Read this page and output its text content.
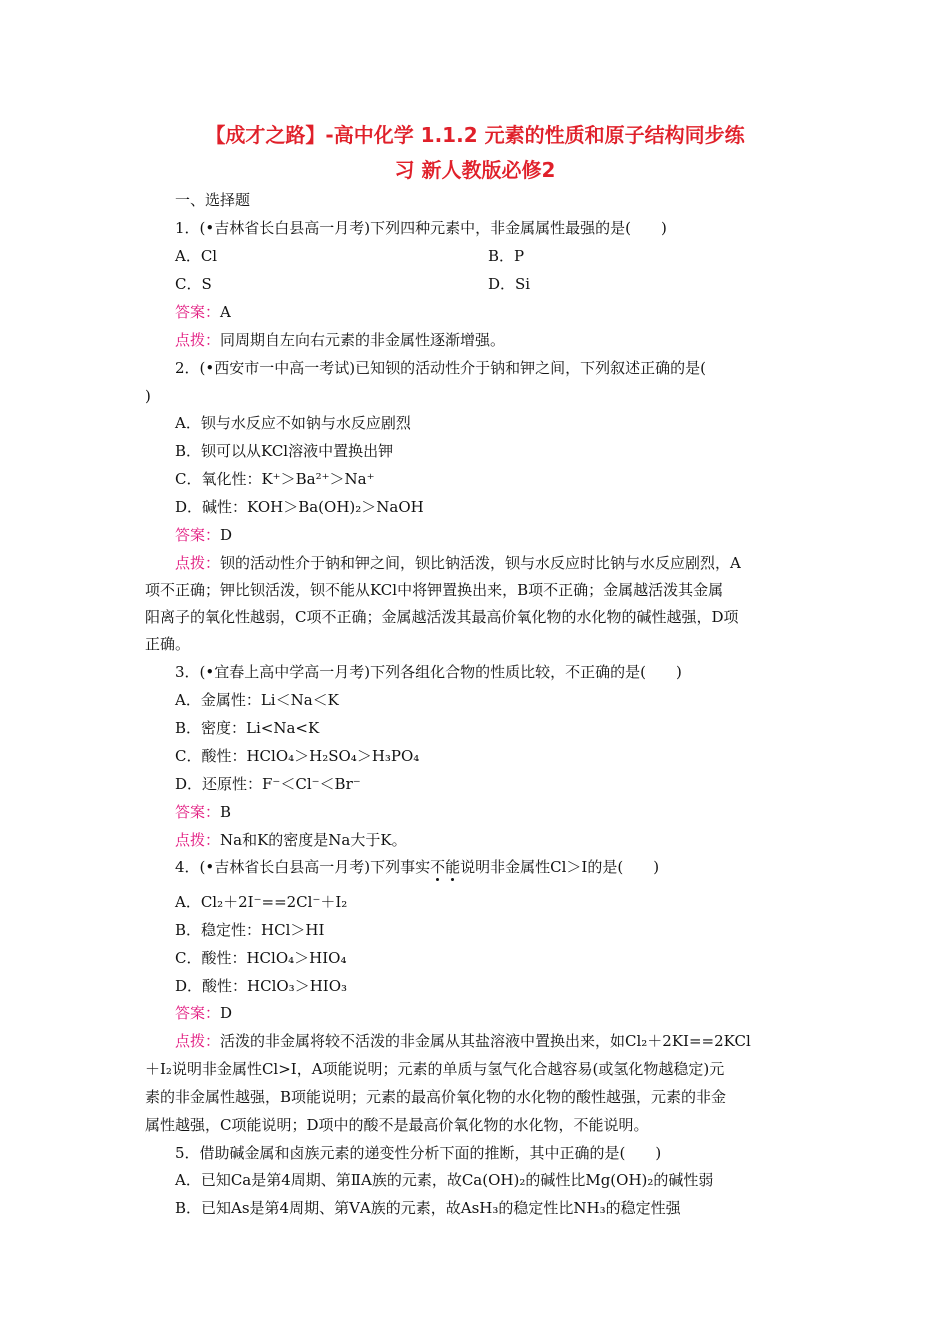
【成才之路】-高中化学 1.1.2 元素的性质和原子结构同步练
习 新人教版必修2
一、选择题
1．(•吉林省长白县高一月考)下列四种元素中，非金属属性最强的是(　　)
A．Cl	B．P
C．S	D．Si
答案：A
点拨：同周期自左向右元素的非金属性逐渐增强。
2．(•西安市一中高一考试)已知钡的活动性介于钠和钾之间，下列叙述正确的是(
)
A．钡与水反应不如钠与水反应剧烈
B．钡可以从KCl溶液中置换出钾
C．氧化性：K⁺＞Ba²⁺＞Na⁺
D．碱性：KOH＞Ba(OH)₂＞NaOH
答案：D
点拨：钡的活动性介于钠和钾之间，钡比钠活泼，钡与水反应时比钠与水反应剧烈，A
项不正确；钾比钡活泼，钡不能从KCl中将钾置换出来，B项不正确；金属越活泼其金属
阳离子的氧化性越弱，C项不正确；金属越活泼其最高价氧化物的水化物的碱性越强，D项
正确。
3．(•宜春上高中学高一月考)下列各组化合物的性质比较，不正确的是(　　)
A．金属性：Li＜Na＜K
B．密度：Li<Na<K
C．酸性：HClO₄＞H₂SO₄＞H₃PO₄
D．还原性：F⁻＜Cl⁻＜Br⁻
答案：B
点拨：Na和K的密度是Na大于K。
4．(•吉林省长白县高一月考)下列事实不能说明非金属性Cl＞I的是(　　)
A．Cl₂＋2I⁻==2Cl⁻＋I₂
B．稳定性：HCl＞HI
C．酸性：HClO₄＞HIO₄
D．酸性：HClO₃＞HIO₃
答案：D
点拨：活泼的非金属将较不活泼的非金属从其盐溶液中置换出来，如Cl₂＋2KI==2KCl
＋I₂说明非金属性Cl>I，A项能说明；元素的单质与氢气化合越容易(或氢化物越稳定)元
素的非金属性越强，B项能说明；元素的最高价氧化物的水化物的酸性越强，元素的非金
属性越强，C项能说明；D项中的酸不是最高价氧化物的水化物，不能说明。
5．借助碱金属和卤族元素的递变性分析下面的推断，其中正确的是(　　)
A．已知Ca是第4周期、第ⅡA族的元素，故Ca(OH)₂的碱性比Mg(OH)₂的碱性弱
B．已知As是第4周期、第ⅤA族的元素，故AsH₃的稳定性比NH₃的稳定性强
